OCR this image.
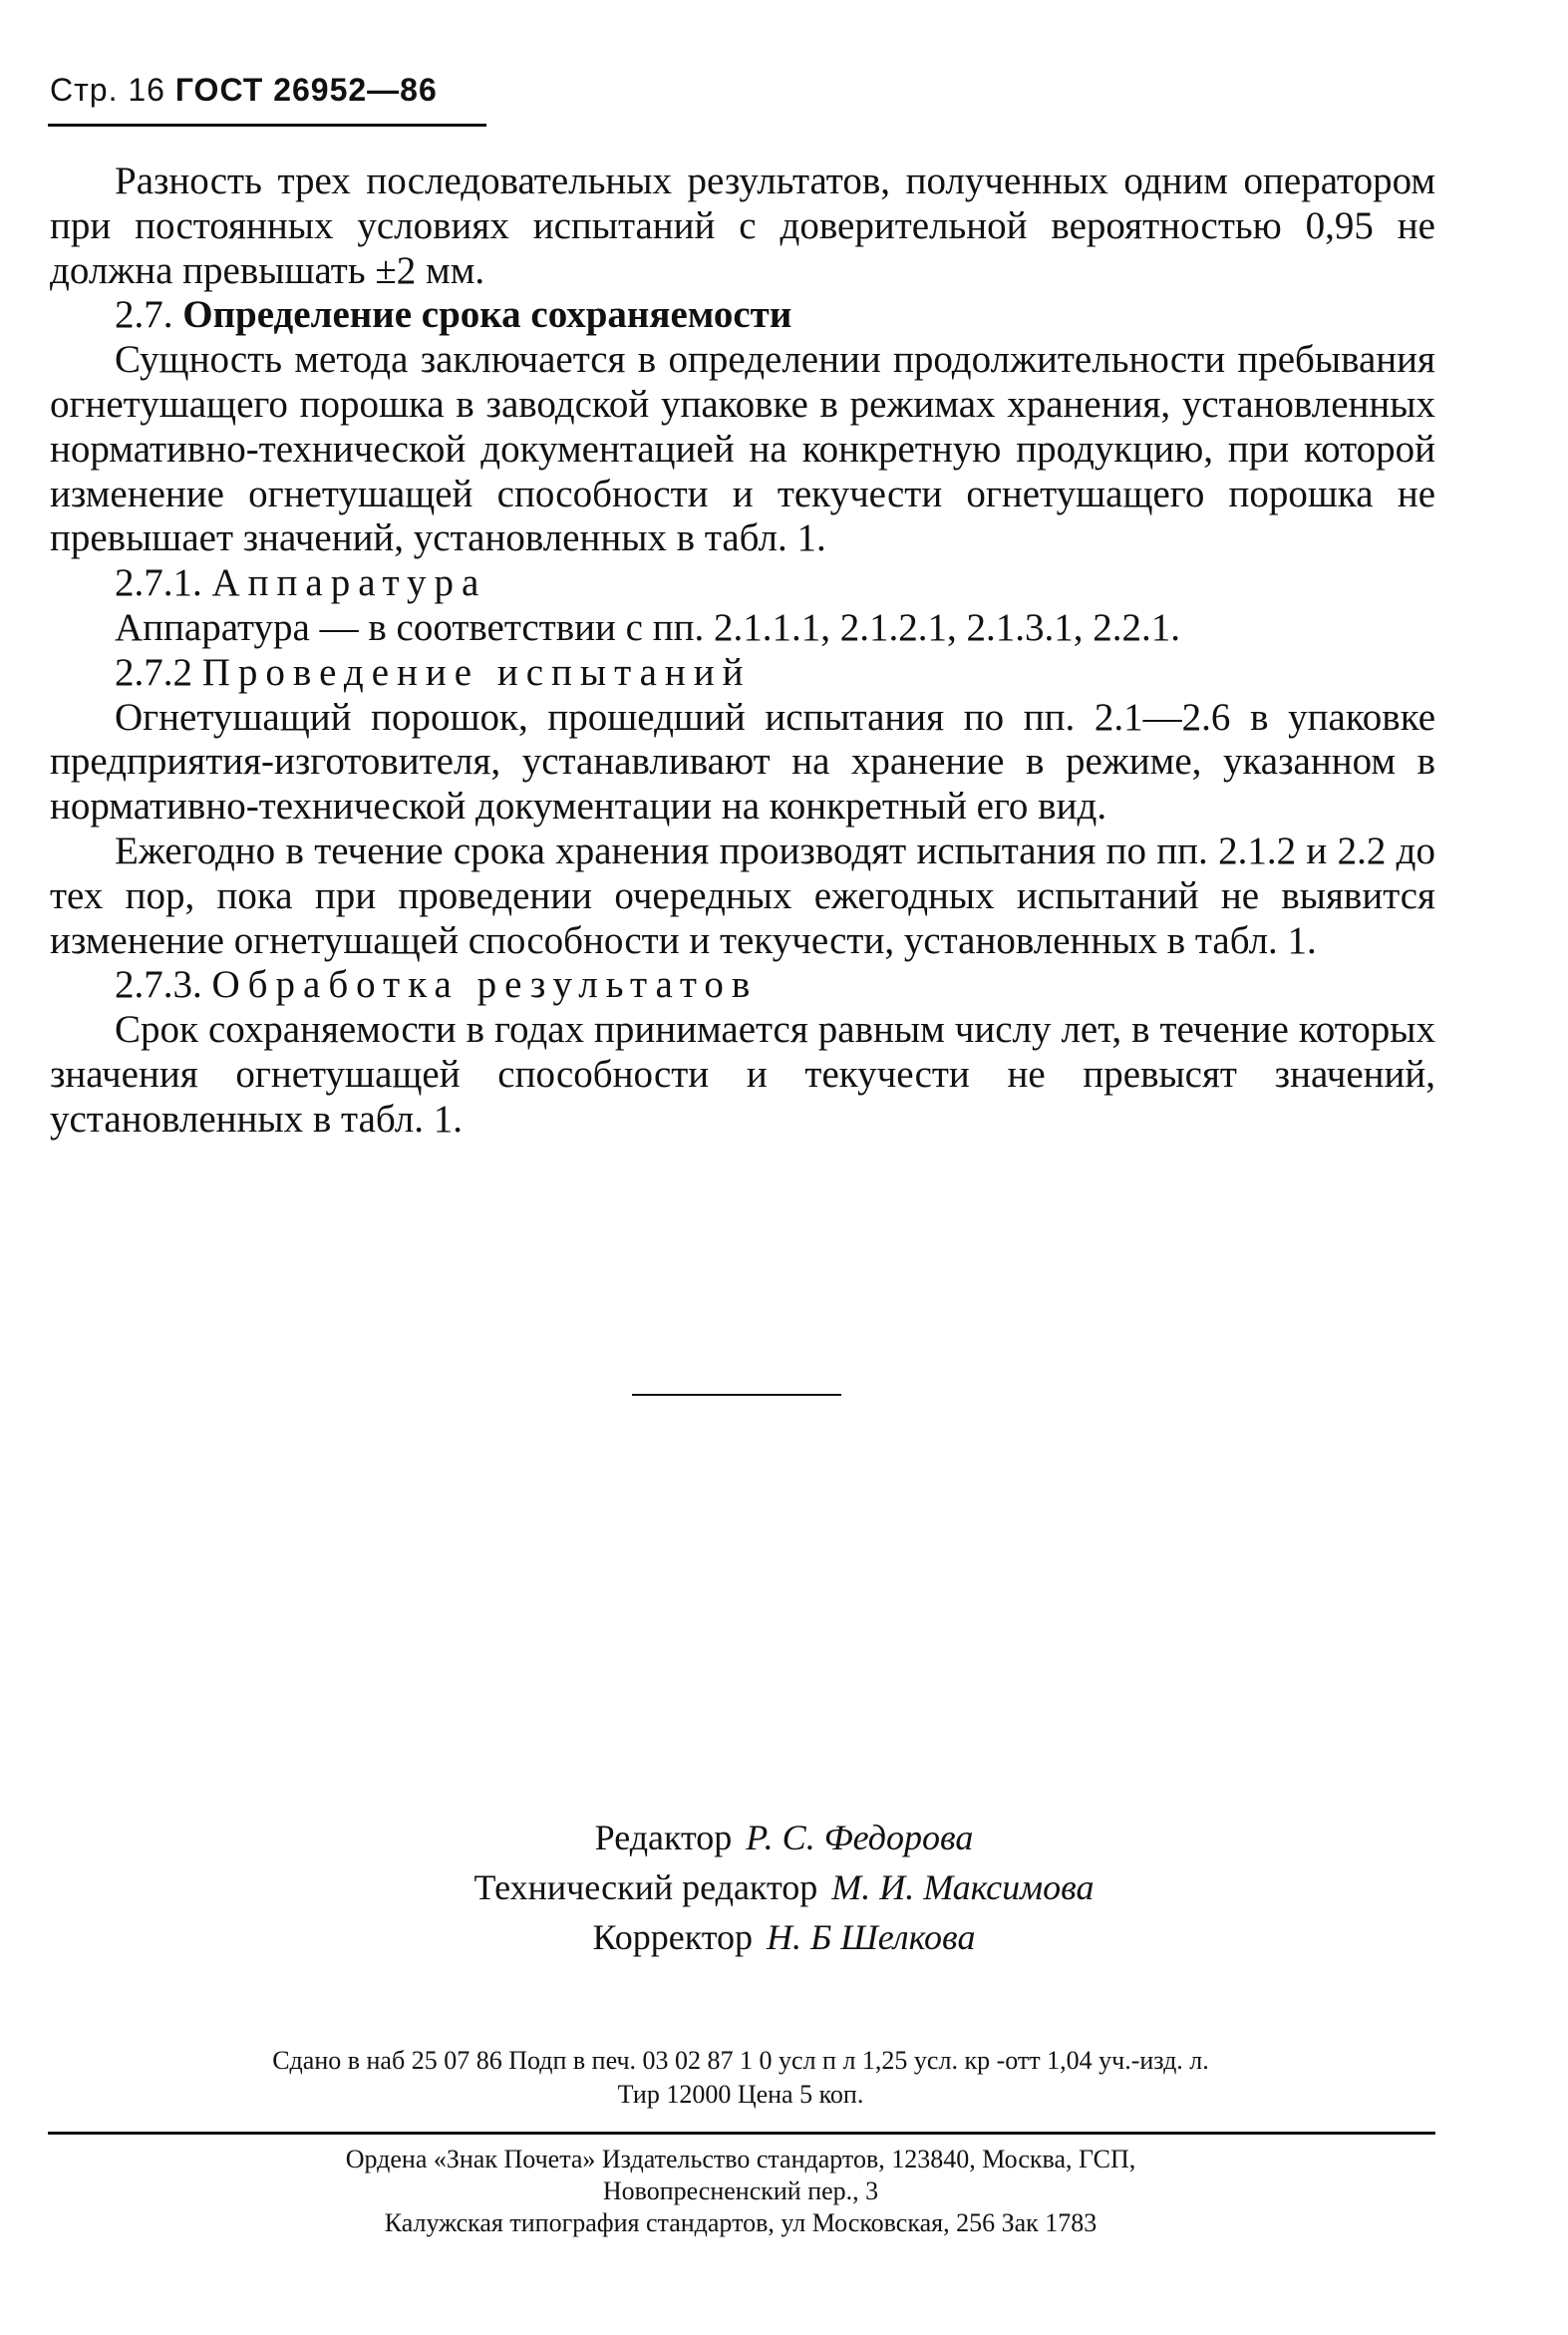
Стр. 16 ГОСТ 26952—86

Разность трех последовательных результатов, полученных одним оператором при постоянных условиях испытаний с доверительной вероятностью 0,95 не должна превышать ±2 мм.

2.7. Определение срока сохраняемости

Сущность метода заключается в определении продолжительности пребывания огнетушащего порошка в заводской упаковке в режимах хранения, установленных нормативно-технической документацией на конкретную продукцию, при которой изменение огнетушащей способности и текучести огнетушащего порошка не превышает значений, установленных в табл. 1.

2.7.1. Аппаратура

Аппаратура — в соответствии с пп. 2.1.1.1, 2.1.2.1, 2.1.3.1, 2.2.1.

2.7.2 Проведение испытаний

Огнетушащий порошок, прошедший испытания по пп. 2.1—2.6 в упаковке предприятия-изготовителя, устанавливают на хранение в режиме, указанном в нормативно-технической документации на конкретный его вид.

Ежегодно в течение срока хранения производят испытания по пп. 2.1.2 и 2.2 до тех пор, пока при проведении очередных ежегодных испытаний не выявится изменение огнетушащей способности и текучести, установленных в табл. 1.

2.7.3. Обработка результатов

Срок сохраняемости в годах принимается равным числу лет, в течение которых значения огнетушащей способности и текучести не превысят значений, установленных в табл. 1.

Редактор Р. С. Федорова
Технический редактор М. И. Максимова
Корректор Н. Б Шелкова
Сдано в наб 25 07 86 Подп в печ. 03 02 87 1 0 усл п л 1,25 усл. кр -отт 1,04 уч.-изд. л.
Тир 12000 Цена 5 коп.
Ордена «Знак Почета» Издательство стандартов, 123840, Москва, ГСП,
Новопресненский пер., 3
Калужская типография стандартов, ул Московская, 256 Зак 1783
